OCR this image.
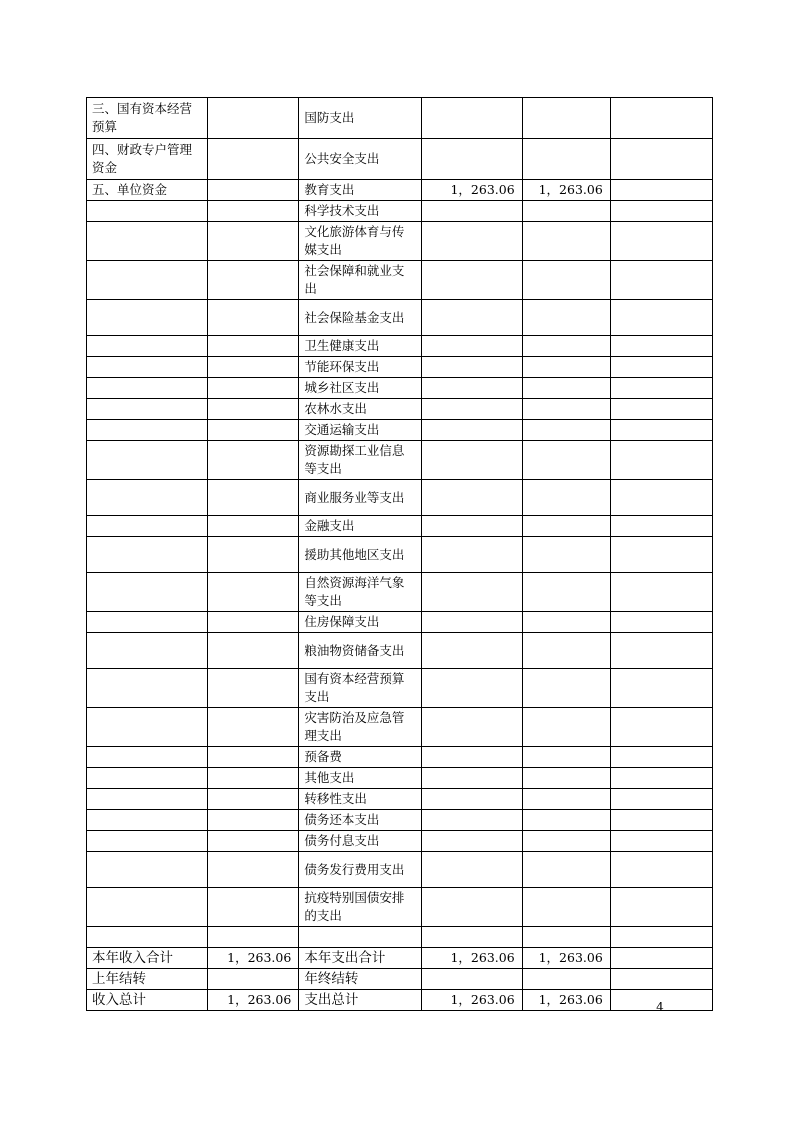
三、国有资本经营预算		国防支出			
四、财政专户管理资金		公共安全支出			
五、单位资金		教育支出	1，263.06	1，263.06	
		科学技术支出			
		文化旅游体育与传媒支出			
		社会保障和就业支出			
		社会保险基金支出			
		卫生健康支出			
		节能环保支出			
		城乡社区支出			
		农林水支出			
		交通运输支出			
		资源勘探工业信息等支出			
		商业服务业等支出			
		金融支出			
		援助其他地区支出			
		自然资源海洋气象等支出			
		住房保障支出			
		粮油物资储备支出			
		国有资本经营预算支出			
		灾害防治及应急管理支出			
		预备费			
		其他支出			
		转移性支出			
		债务还本支出			
		债务付息支出			
		债务发行费用支出			
		抗疫特别国债安排的支出			

本年收入合计	1，263.06	本年支出合计	1，263.06	1，263.06	
上年结转		年终结转			
收入总计	1，263.06	支出总计	1，263.06	1，263.06		4
